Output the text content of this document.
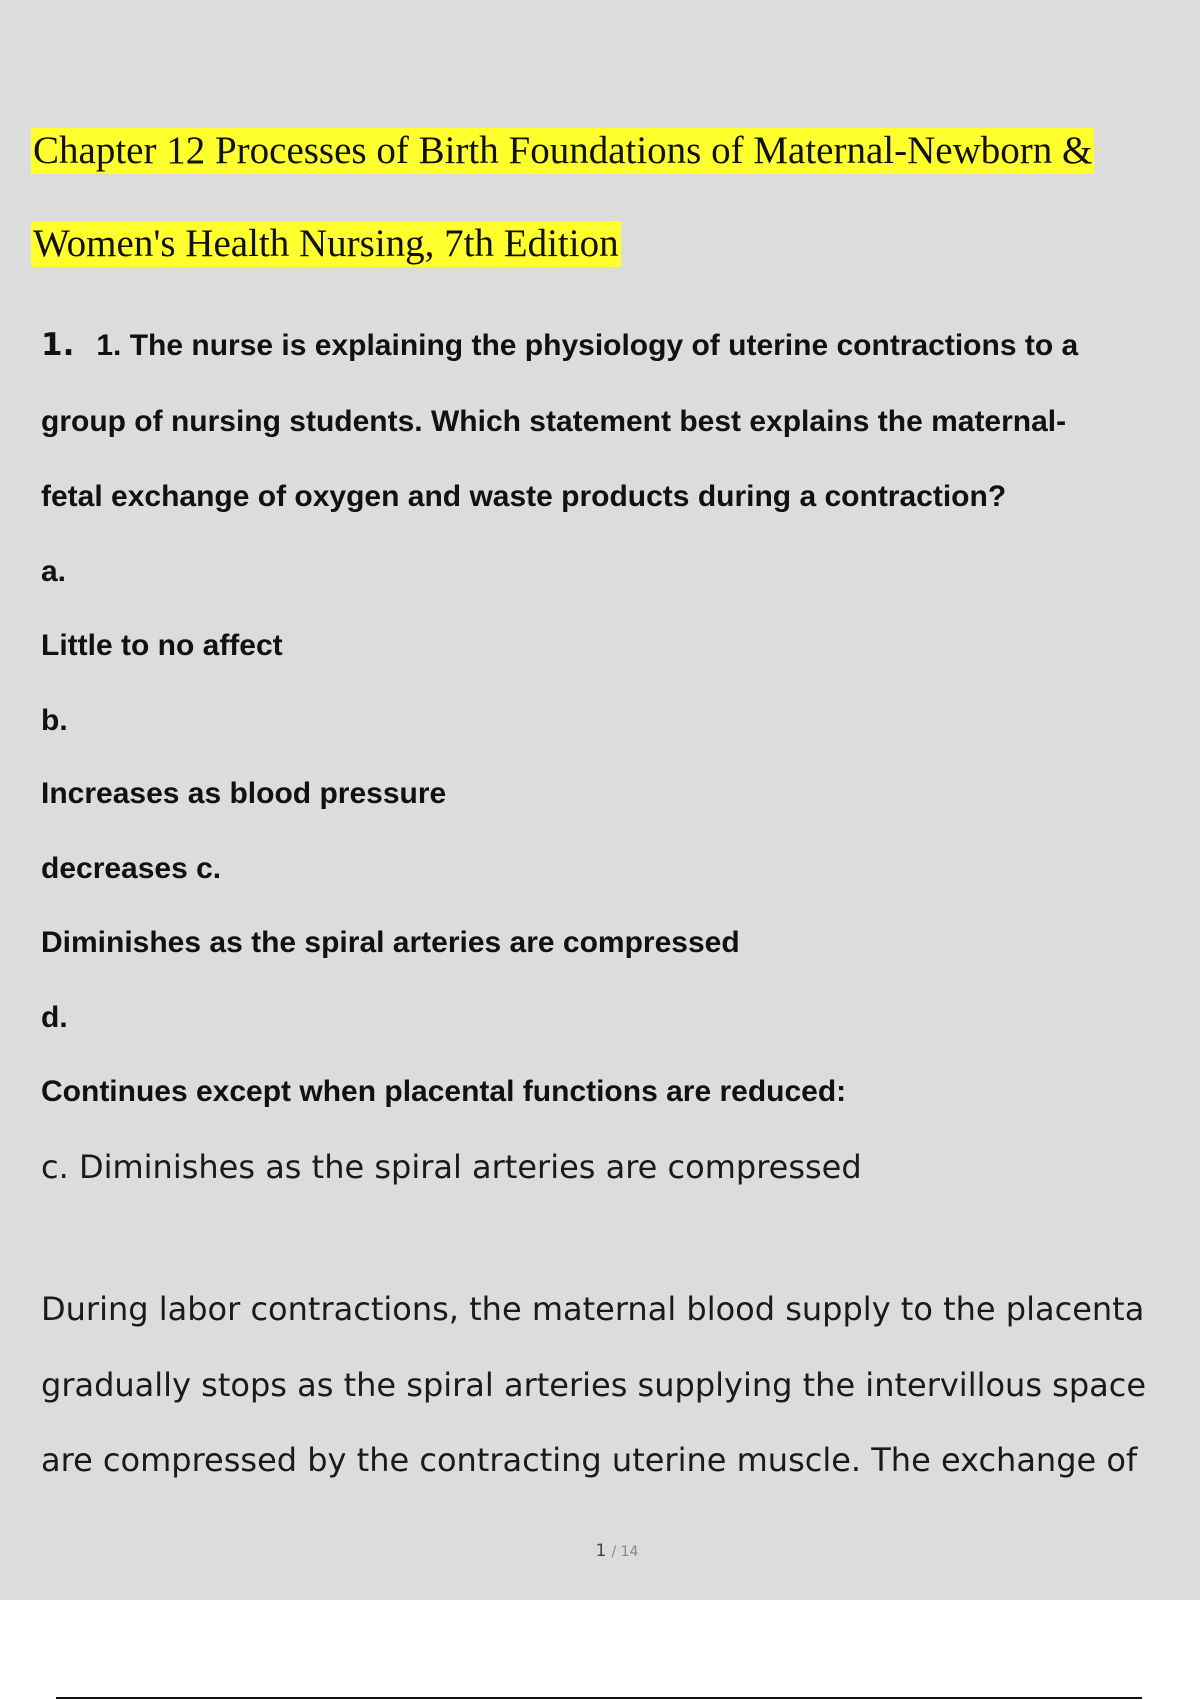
Chapter 12 Processes of Birth Foundations of Maternal-Newborn &
Women's Health Nursing, 7th Edition
1. 1. The nurse is explaining the physiology of uterine contractions to a
group of nursing students. Which statement best explains the maternal-
fetal exchange of oxygen and waste products during a contraction?
a.
Little to no affect
b.
Increases as blood pressure
decreases c.
Diminishes as the spiral arteries are compressed
d.
Continues except when placental functions are reduced:
c. Diminishes as the spiral arteries are compressed
During labor contractions, the maternal blood supply to the placenta
gradually stops as the spiral arteries supplying the intervillous space
are compressed by the contracting uterine muscle. The exchange of
1 / 14
